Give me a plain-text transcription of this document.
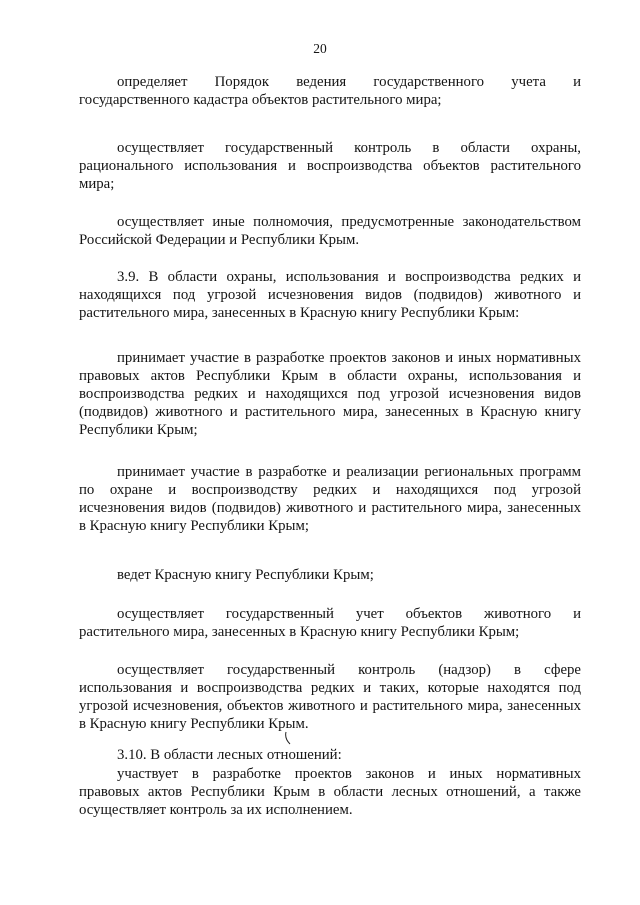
20
определяет Порядок ведения государственного учета и
государственного кадастра объектов растительного мира;
осуществляет государственный контроль в области охраны,
рационального использования и воспроизводства объектов растительного
мира;
осуществляет иные полномочия, предусмотренные законодательством
Российской Федерации и Республики Крым.
3.9. В области охраны, использования и воспроизводства редких и
находящихся под угрозой исчезновения видов (подвидов) животного и
растительного мира, занесенных в Красную книгу Республики Крым:
принимает участие в разработке проектов законов и иных нормативных
правовых актов Республики Крым в области охраны, использования и
воспроизводства редких и находящихся под угрозой исчезновения видов
(подвидов) животного и растительного мира, занесенных в Красную книгу
Республики Крым;
принимает участие в разработке и реализации региональных программ
по охране и воспроизводству редких и находящихся под угрозой
исчезновения видов (подвидов) животного и растительного мира, занесенных
в Красную книгу Республики Крым;
ведет Красную книгу Республики Крым;
осуществляет государственный учет объектов животного и
растительного мира, занесенных в Красную книгу Республики Крым;
осуществляет государственный контроль (надзор) в сфере
использования и воспроизводства редких и таких, которые находятся под
угрозой исчезновения, объектов животного и растительного мира, занесенных
в Красную книгу Республики Крым.
3.10. В области лесных отношений:
участвует в разработке проектов законов и иных нормативных
правовых актов Республики Крым в области лесных отношений, а также
осуществляет контроль за их исполнением.
